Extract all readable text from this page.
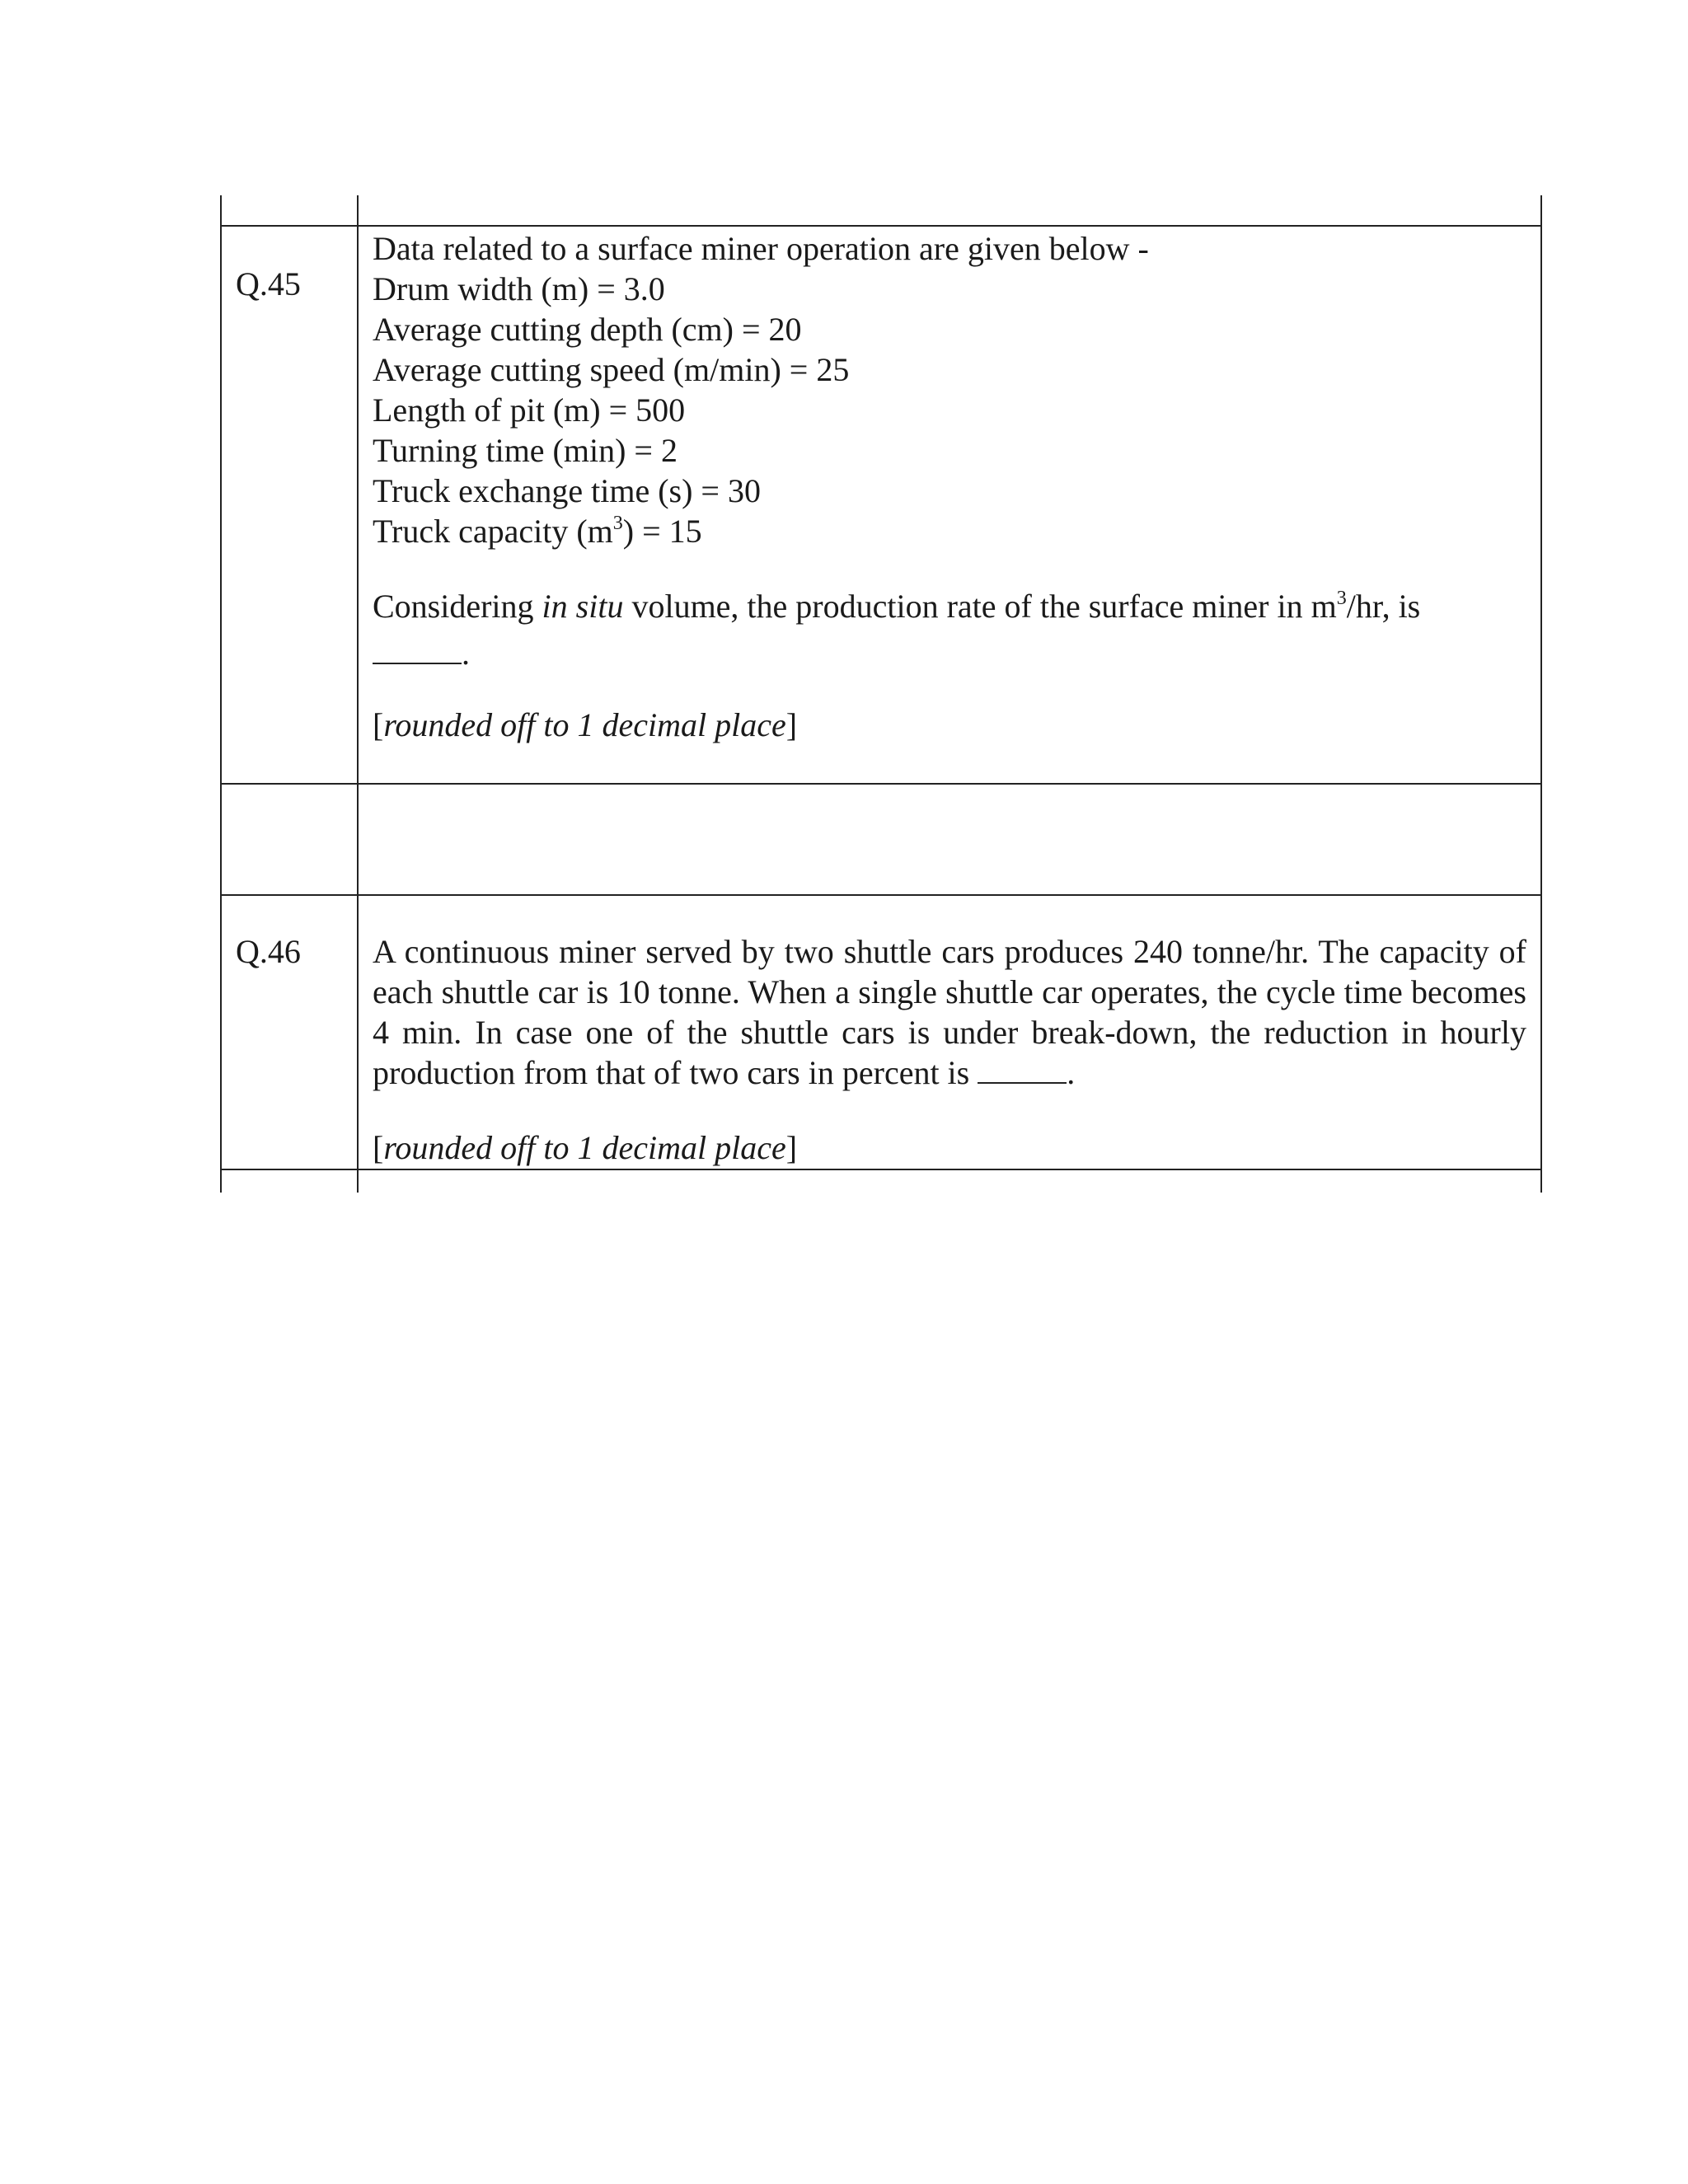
Q.45
Data related to a surface miner operation are given below -
Drum width (m) = 3.0
Average cutting depth (cm) = 20
Average cutting speed (m/min) = 25
Length of pit (m) = 500
Turning time (min) = 2
Truck exchange time (s) = 30
Truck capacity $(m^3) = 15$
Considering in situ volume, the production rate of the surface miner in $m^3/hr$, is
.
[rounded off to 1 decimal place]
Q.46 A continuous miner served by two shuttle cars produces 240 tonne/hr. The capacity of each shuttle car is 10 tonne. When a single shuttle car operates, the cycle time becomes 4 min. In case one of the shuttle cars is under break-down, the reduction in hourly production from that of two cars in percent is	.
[rounded off to 1 decimal place]
